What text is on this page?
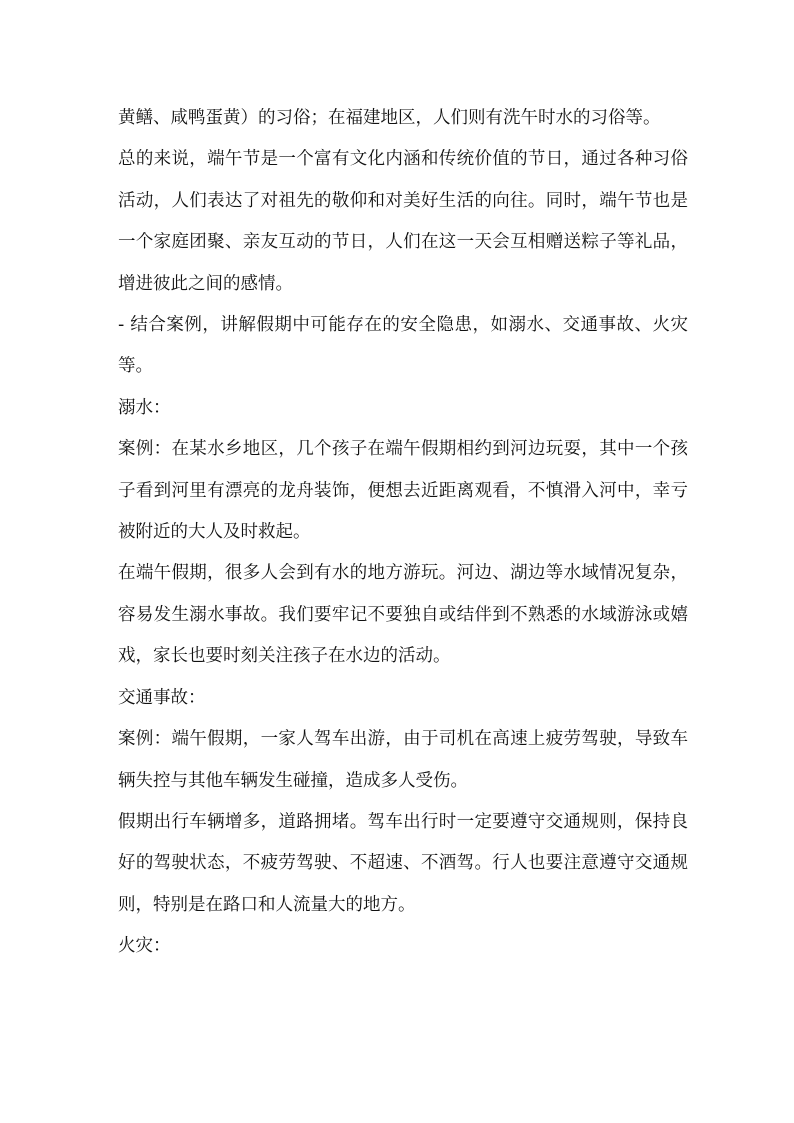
黄鳝、咸鸭蛋黄）的习俗；在福建地区，人们则有洗午时水的习俗等。

总的来说，端午节是一个富有文化内涵和传统价值的节日，通过各种习俗活动，人们表达了对祖先的敬仰和对美好生活的向往。同时，端午节也是一个家庭团聚、亲友互动的节日，人们在这一天会互相赠送粽子等礼品，增进彼此之间的感情。

- 结合案例，讲解假期中可能存在的安全隐患，如溺水、交通事故、火灾等。

溺水：

案例：在某水乡地区，几个孩子在端午假期相约到河边玩耍，其中一个孩子看到河里有漂亮的龙舟装饰，便想去近距离观看，不慎滑入河中，幸亏被附近的大人及时救起。

在端午假期，很多人会到有水的地方游玩。河边、湖边等水域情况复杂，容易发生溺水事故。我们要牢记不要独自或结伴到不熟悉的水域游泳或嬉戏，家长也要时刻关注孩子在水边的活动。

交通事故：

案例：端午假期，一家人驾车出游，由于司机在高速上疲劳驾驶，导致车辆失控与其他车辆发生碰撞，造成多人受伤。

假期出行车辆增多，道路拥堵。驾车出行时一定要遵守交通规则，保持良好的驾驶状态，不疲劳驾驶、不超速、不酒驾。行人也要注意遵守交通规则，特别是在路口和人流量大的地方。

火灾：
